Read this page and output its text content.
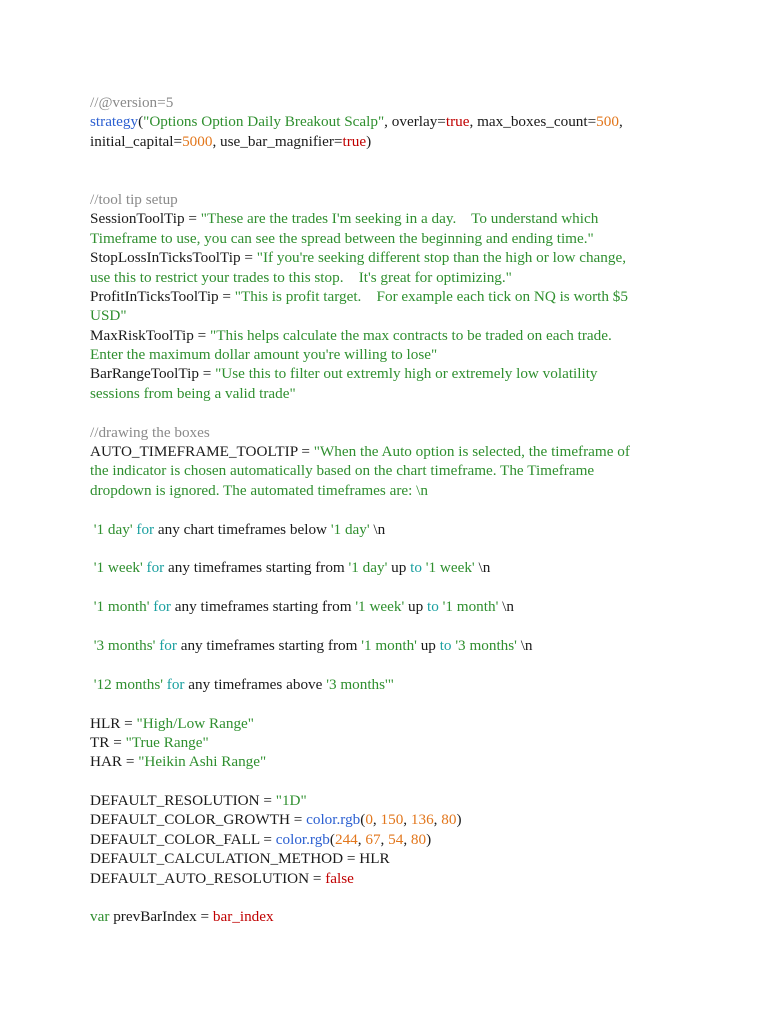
//@version=5
strategy("Options Option Daily Breakout Scalp", overlay=true, max_boxes_count=500,
initial_capital=5000, use_bar_magnifier=true)
//tool tip setup
SessionToolTip = "These are the trades I'm seeking in a day.    To understand which
Timeframe to use, you can see the spread between the beginning and ending time."
StopLossInTicksToolTip = "If you're seeking different stop than the high or low change,
use this to restrict your trades to this stop.    It's great for optimizing."
ProfitInTicksToolTip = "This is profit target.    For example each tick on NQ is worth $5
USD"
MaxRiskToolTip = "This helps calculate the max contracts to be traded on each trade.
Enter the maximum dollar amount you're willing to lose"
BarRangeToolTip = "Use this to filter out extremly high or extremely low volatility
sessions from being a valid trade"
//drawing the boxes
AUTO_TIMEFRAME_TOOLTIP = "When the Auto option is selected, the timeframe of
the indicator is chosen automatically based on the chart timeframe. The Timeframe
dropdown is ignored. The automated timeframes are: \n
'1 day' for any chart timeframes below '1 day' \n
'1 week' for any timeframes starting from '1 day' up to '1 week' \n
'1 month' for any timeframes starting from '1 week' up to '1 month' \n
'3 months' for any timeframes starting from '1 month' up to '3 months' \n
'12 months' for any timeframes above '3 months'"
HLR = "High/Low Range"
TR = "True Range"
HAR = "Heikin Ashi Range"
DEFAULT_RESOLUTION = "1D"
DEFAULT_COLOR_GROWTH = color.rgb(0, 150, 136, 80)
DEFAULT_COLOR_FALL = color.rgb(244, 67, 54, 80)
DEFAULT_CALCULATION_METHOD = HLR
DEFAULT_AUTO_RESOLUTION = false
var prevBarIndex = bar_index
